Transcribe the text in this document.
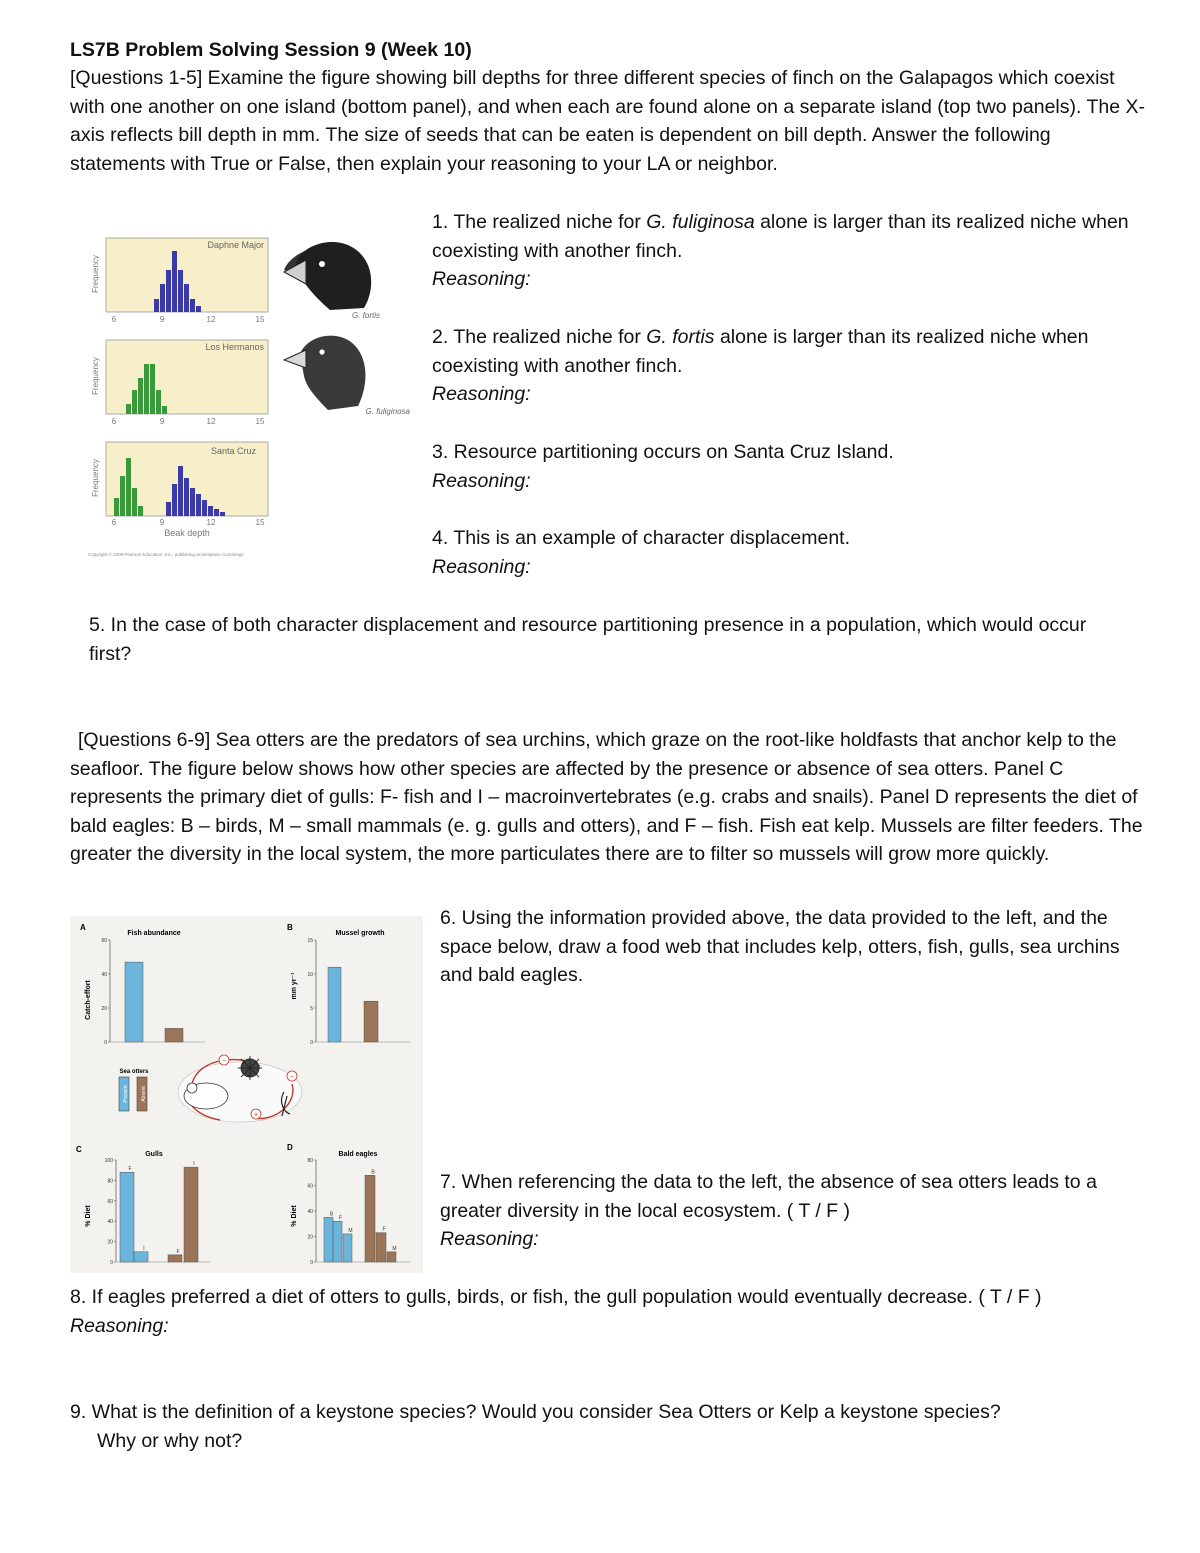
LS7B Problem Solving Session 9 (Week 10)
[Questions 1-5] Examine the figure showing bill depths for three different species of finch on the Galapagos which coexist with one another on one island (bottom panel), and when each are found alone on a separate island (top two panels). The X-axis reflects bill depth in mm. The size of seeds that can be eaten is dependent on bill depth. Answer the following statements with True or False, then explain your reasoning to your LA or neighbor.
1. The realized niche for G. fuliginosa alone is larger than its realized niche when coexisting with another finch.
Reasoning:
2. The realized niche for G. fortis alone is larger than its realized niche when coexisting with another finch.
Reasoning:
3. Resource partitioning occurs on Santa Cruz Island.
Reasoning:
4. This is an example of character displacement.
Reasoning:
5. In the case of both character displacement and resource partitioning presence in a population, which would occur first?
[Questions 6-9] Sea otters are the predators of sea urchins, which graze on the root-like holdfasts that anchor kelp to the seafloor. The figure below shows how other species are affected by the presence or absence of sea otters. Panel C represents the primary diet of gulls: F- fish and I – macroinvertebrates (e.g. crabs and snails). Panel D represents the diet of bald eagles: B – birds, M – small mammals (e. g. gulls and otters), and F – fish. Fish eat kelp. Mussels are filter feeders. The greater the diversity in the local system, the more particulates there are to filter so mussels will grow more quickly.
6. Using the information provided above, the data provided to the left, and the space below, draw a food web that includes kelp, otters, fish, gulls, sea urchins and bald eagles.
7. When referencing the data to the left, the absence of sea otters leads to a greater diversity in the local ecosystem. ( T / F )
Reasoning:
8. If eagles preferred a diet of otters to gulls, birds, or fish, the gull population would eventually decrease. ( T / F ) Reasoning:
9. What is the definition of a keystone species? Would you consider Sea Otters or Kelp a keystone species?
Why or why not?
Daphne Major
Frequency
6	9	12	15
Los Hermanos
Frequency
6	9	12	15
Santa Cruz
Frequency
6	9	12	15
Beak depth
Copyright © 2008 Pearson Education, Inc., publishing as Benjamin Cummings
G. fortis
G. fuliginosa
A	B
C	D
Fish abundance	Mussel growth
Gulls	Bald eagles
Catch-effort	mm yr⁻¹
% Diet	% Diet
0
20
40
60
0
5
10
15
0
20
40
60
80
100
F
I
F
I
0
20
40
60
80
B
F
M
B
F
M
Sea otters
Present Absent
+
−
−
